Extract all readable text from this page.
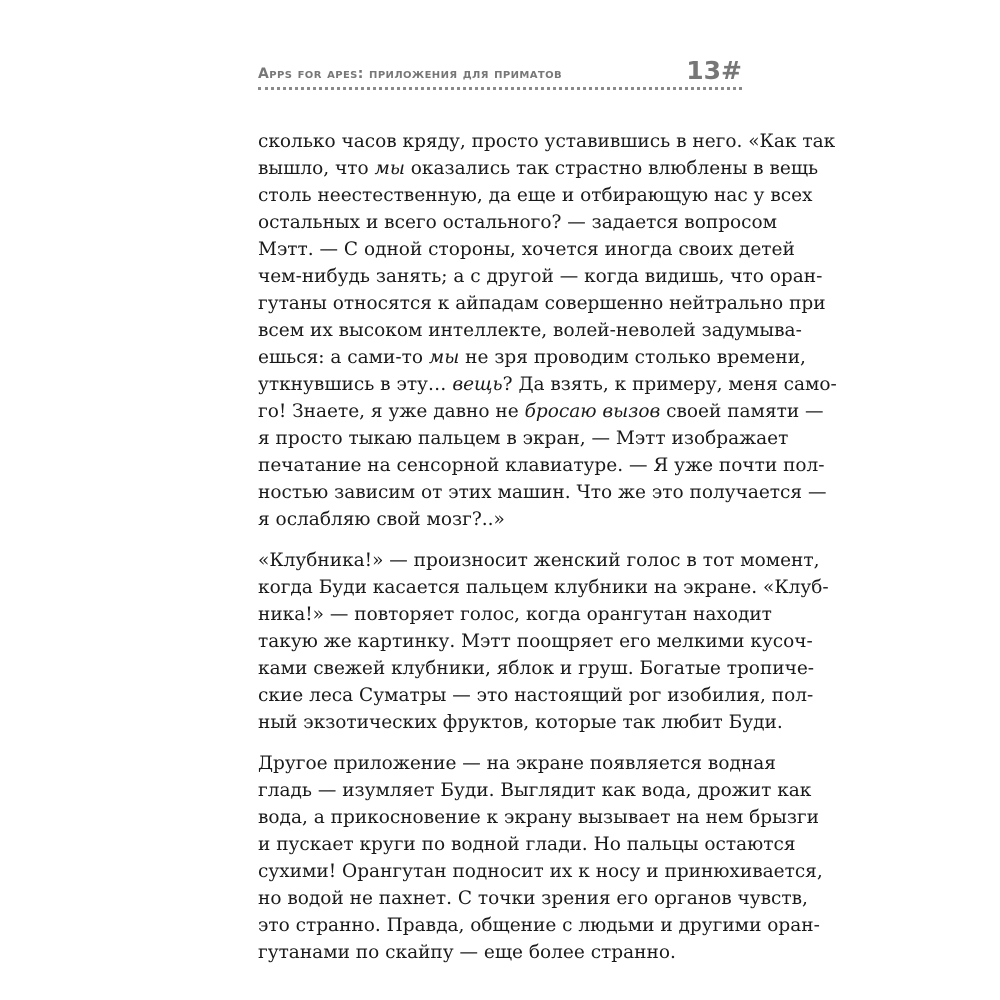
Apps for apes: приложения для приматов	13#
сколько часов кряду, просто уставившись в него. «Как так
вышло, что мы оказались так страстно влюблены в вещь
столь неестественную, да еще и отбирающую нас у всех
остальных и всего остального? — задается вопросом
Мэтт. — С одной стороны, хочется иногда своих детей
чем-нибудь занять; а с другой — когда видишь, что оран-
гутаны относятся к айпадам совершенно нейтрально при
всем их высоком интеллекте, волей-неволей задумыва-
ешься: а сами-то мы не зря проводим столько времени,
уткнувшись в эту… вещь? Да взять, к примеру, меня само-
го! Знаете, я уже давно не бросаю вызов своей памяти —
я просто тыкаю пальцем в экран, — Мэтт изображает
печатание на сенсорной клавиатуре. — Я уже почти пол-
ностью зависим от этих машин. Что же это получается —
я ослабляю свой мозг?..»
«Клубника!» — произносит женский голос в тот момент,
когда Буди касается пальцем клубники на экране. «Клуб-
ника!» — повторяет голос, когда орангутан находит
такую же картинку. Мэтт поощряет его мелкими кусоч-
ками свежей клубники, яблок и груш. Богатые тропиче-
ские леса Суматры — это настоящий рог изобилия, пол-
ный экзотических фруктов, которые так любит Буди.
Другое приложение — на экране появляется водная
гладь — изумляет Буди. Выглядит как вода, дрожит как
вода, а прикосновение к экрану вызывает на нем брызги
и пускает круги по водной глади. Но пальцы остаются
сухими! Орангутан подносит их к носу и принюхивается,
но водой не пахнет. С точки зрения его органов чувств,
это странно. Правда, общение с людьми и другими оран-
гутанами по скайпу — еще более странно.
